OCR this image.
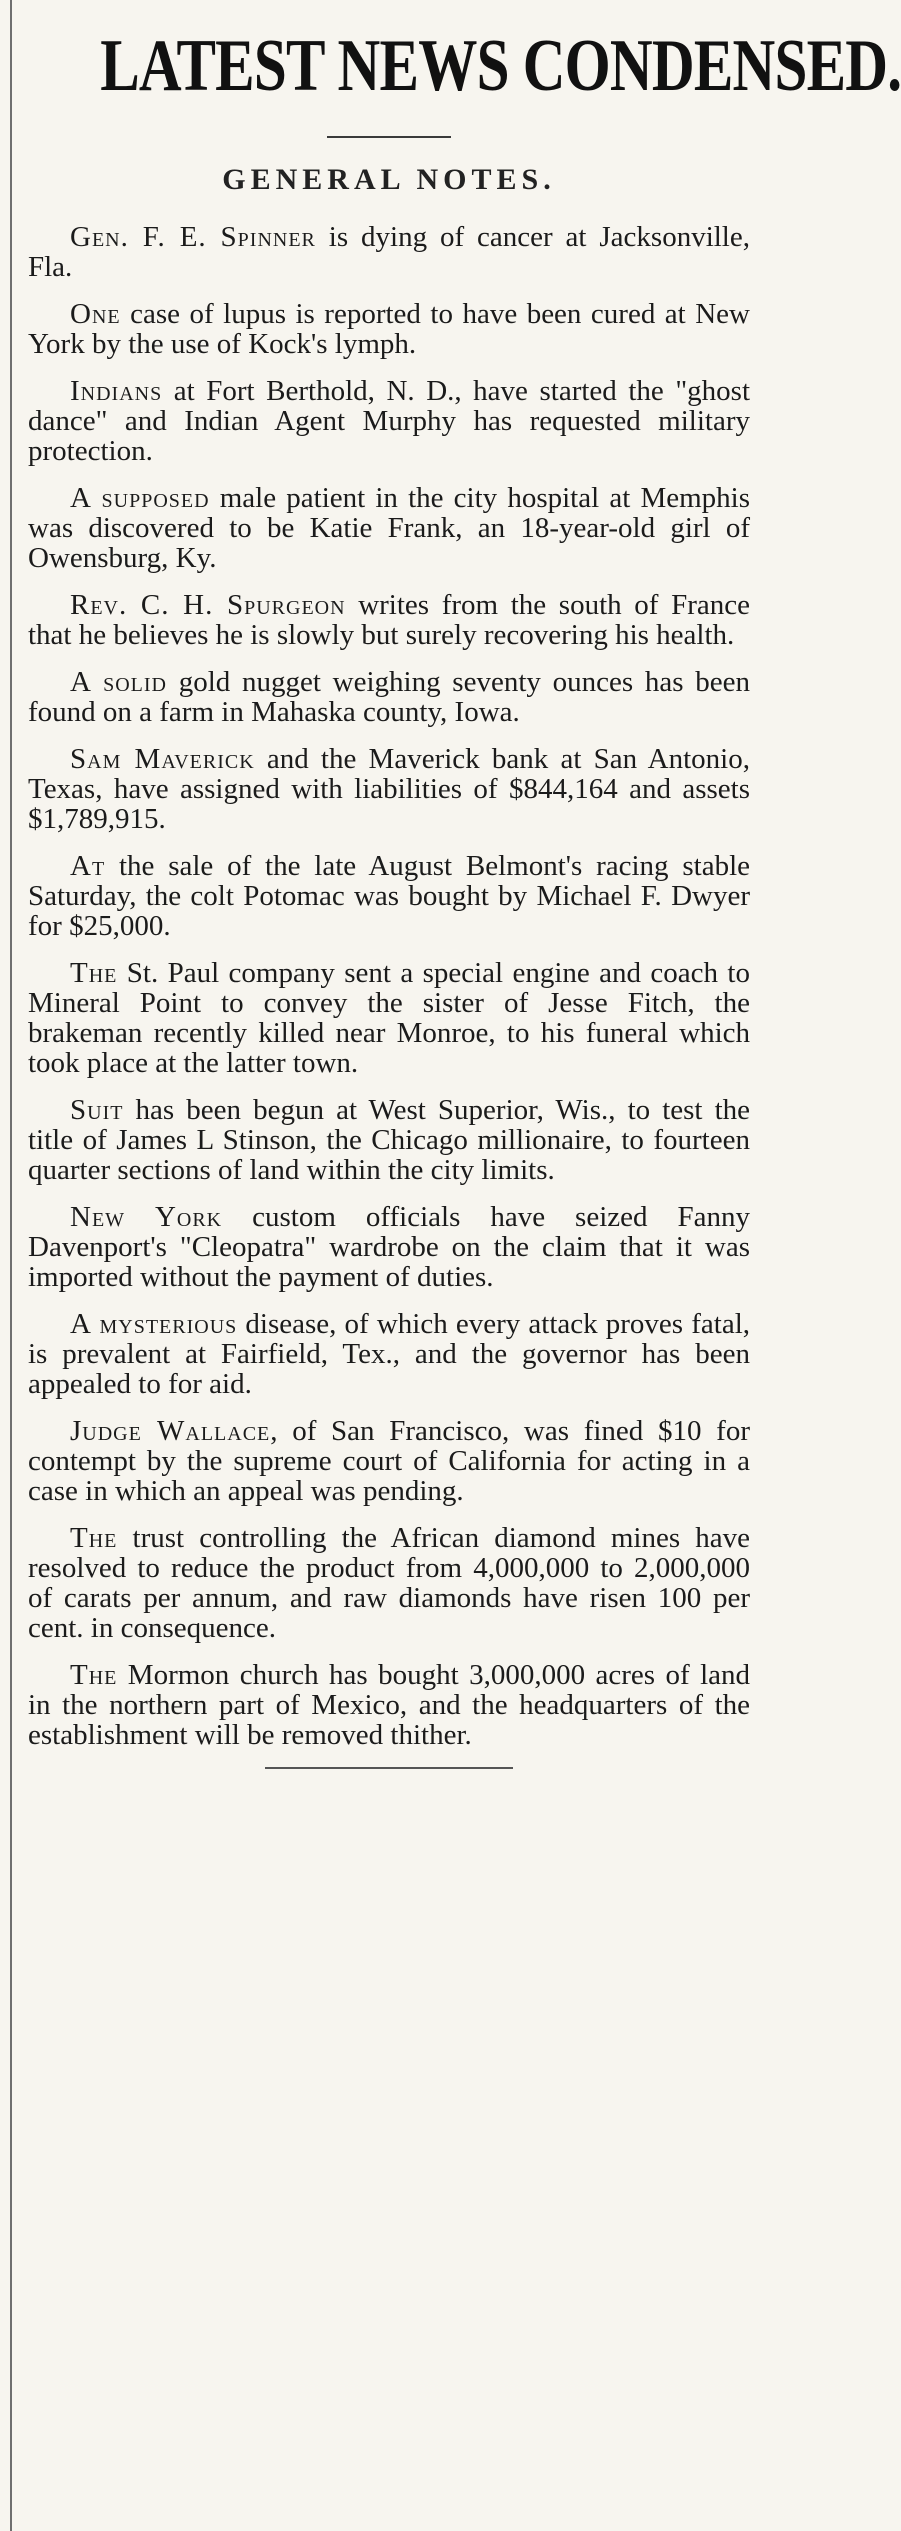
LATEST NEWS CONDENSED.
GENERAL NOTES.

Gen. F. E. Spinner is dying of cancer at Jacksonville, Fla.

One case of lupus is reported to have been cured at New York by the use of Kock's lymph.

Indians at Fort Berthold, N. D., have started the "ghost dance" and Indian Agent Murphy has requested military protection.

A supposed male patient in the city hospital at Memphis was discovered to be Katie Frank, an 18-year-old girl of Owensburg, Ky.

Rev. C. H. Spurgeon writes from the south of France that he believes he is slowly but surely recovering his health.

A solid gold nugget weighing seventy ounces has been found on a farm in Mahaska county, Iowa.

Sam Maverick and the Maverick bank at San Antonio, Texas, have assigned with liabilities of $844,164 and assets $1,789,915.

At the sale of the late August Belmont's racing stable Saturday, the colt Potomac was bought by Michael F. Dwyer for $25,000.

The St. Paul company sent a special engine and coach to Mineral Point to convey the sister of Jesse Fitch, the brakeman recently killed near Monroe, to his funeral which took place at the latter town.

Suit has been begun at West Superior, Wis., to test the title of James L Stinson, the Chicago millionaire, to fourteen quarter sections of land within the city limits.

New York custom officials have seized Fanny Davenport's "Cleopatra" wardrobe on the claim that it was imported without the payment of duties.

A mysterious disease, of which every attack proves fatal, is prevalent at Fairfield, Tex., and the governor has been appealed to for aid.

Judge Wallace, of San Francisco, was fined $10 for contempt by the supreme court of California for acting in a case in which an appeal was pending.

The trust controlling the African diamond mines have resolved to reduce the product from 4,000,000 to 2,000,000 of carats per annum, and raw diamonds have risen 100 per cent. in consequence.

The Mormon church has bought 3,000,000 acres of land in the northern part of Mexico, and the headquarters of the establishment will be removed thither.
